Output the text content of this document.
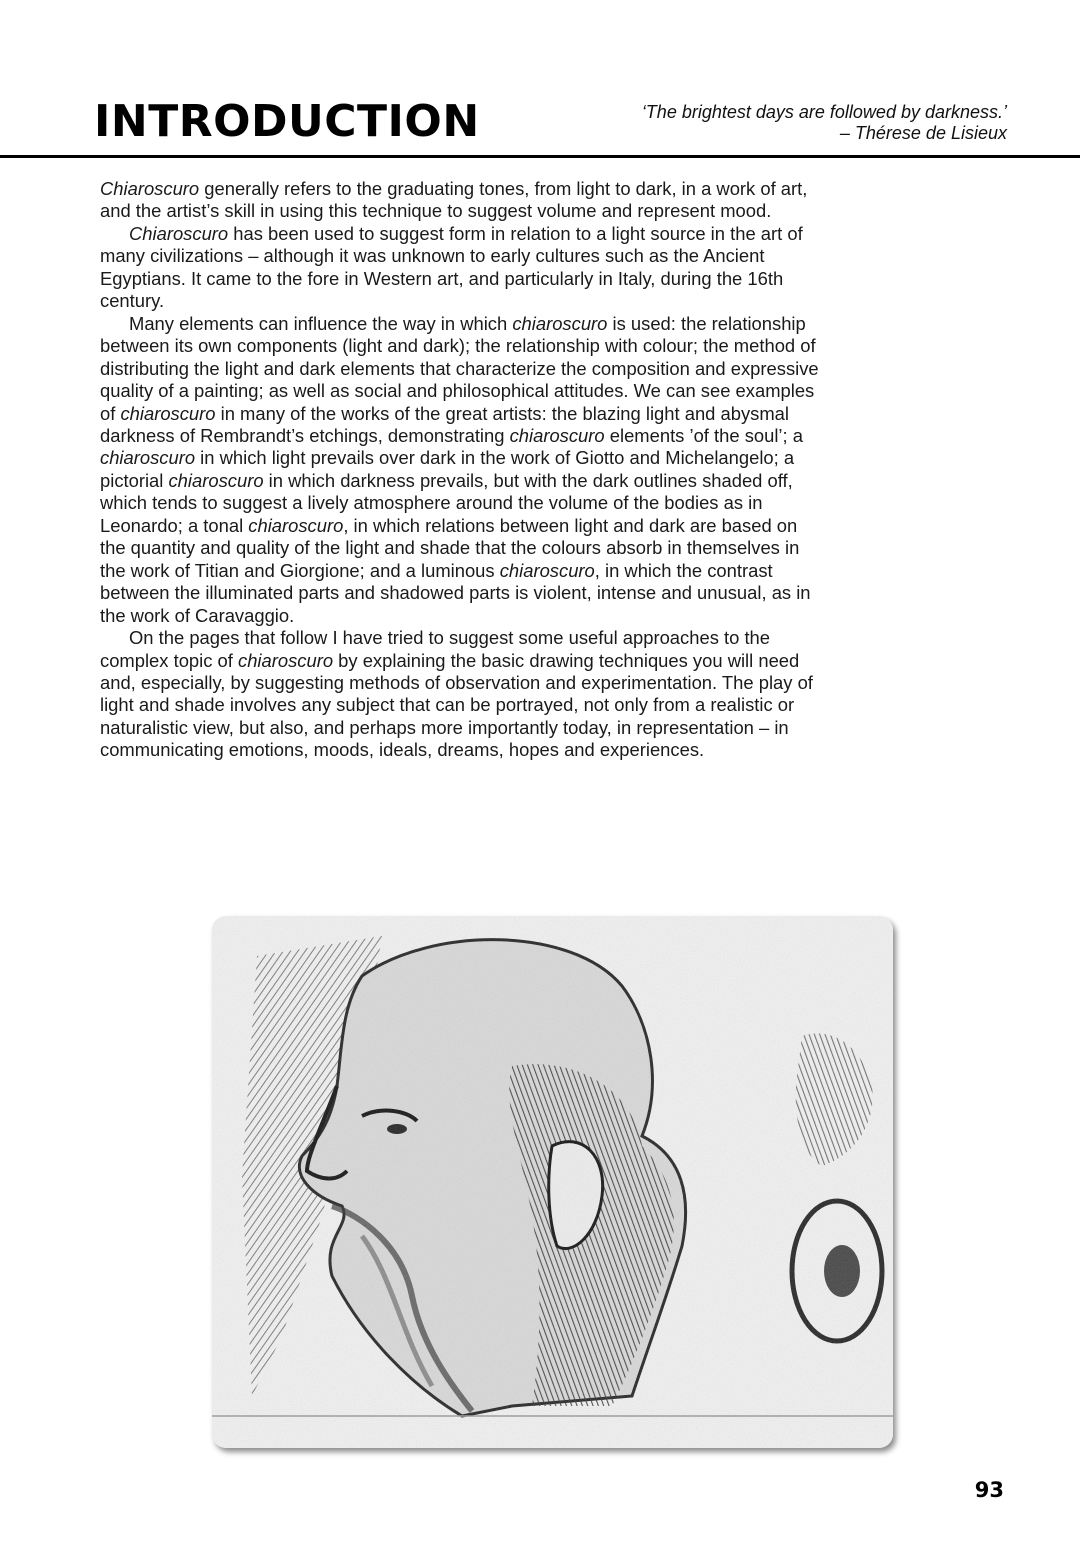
INTRODUCTION	‘The brightest days are followed by darkness.’
– Thérese de Lisieux

Chiaroscuro generally refers to the graduating tones, from light to dark, in a work of art, and the artist’s skill in using this technique to suggest volume and represent mood.

Chiaroscuro has been used to suggest form in relation to a light source in the art of many civilizations – although it was unknown to early cultures such as the Ancient Egyptians. It came to the fore in Western art, and particularly in Italy, during the 16th century.

Many elements can influence the way in which chiaroscuro is used: the relationship between its own components (light and dark); the relationship with colour; the method of distributing the light and dark elements that characterize the composition and expressive quality of a painting; as well as social and philosophical attitudes. We can see examples of chiaroscuro in many of the works of the great artists: the blazing light and abysmal darkness of Rembrandt’s etchings, demonstrating chiaroscuro elements ’of the soul’; a chiaroscuro in which light prevails over dark in the work of Giotto and Michelangelo; a pictorial chiaroscuro in which darkness prevails, but with the dark outlines shaded off, which tends to suggest a lively atmosphere around the volume of the bodies as in Leonardo; a tonal chiaroscuro, in which relations between light and dark are based on the quantity and quality of the light and shade that the colours absorb in themselves in the work of Titian and Giorgione; and a luminous chiaroscuro, in which the contrast between the illuminated parts and shadowed parts is violent, intense and unusual, as in the work of Caravaggio.

On the pages that follow I have tried to suggest some useful approaches to the complex topic of chiaroscuro by explaining the basic drawing techniques you will need and, especially, by suggesting methods of observation and experimentation. The play of light and shade involves any subject that can be portrayed, not only from a realistic or naturalistic view, but also, and perhaps more importantly today, in representation – in communicating emotions, moods, ideals, dreams, hopes and experiences.

93
